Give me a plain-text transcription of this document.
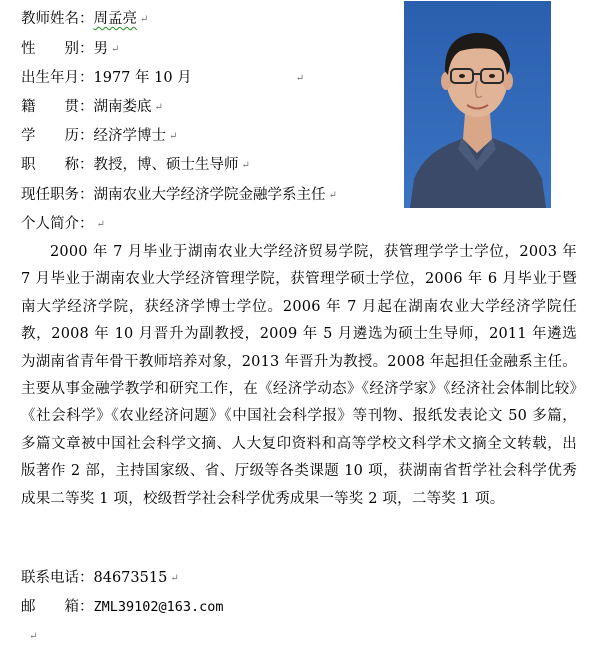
教师姓名：周孟亮 ↵
性　　别：男 ↵
出生年月：1977 年 10 月	↵
籍　　贯：湖南娄底 ↵
学　　历：经济学博士 ↵
职　　称：教授，博、硕士生导师 ↵
现任职务：湖南农业大学经济学院金融学系主任 ↵
个人简介： ↵

2000 年 7 月毕业于湖南农业大学经济贸易学院，获管理学学士学位，2003 年 7 月毕业于湖南农业大学经济管理学院，获管理学硕士学位，2006 年 6 月毕业于暨南大学经济学院，获经济学博士学位。2006 年 7 月起在湖南农业大学经济学院任教，2008 年 10 月晋升为副教授，2009 年 5 月遴选为硕士生导师，2011 年遴选为湖南省青年骨干教师培养对象，2013 年晋升为教授。2008 年起担任金融系主任。主要从事金融学教学和研究工作，在《经济学动态》《经济学家》《经济社会体制比较》《社会科学》《农业经济问题》《中国社会科学报》等刊物、报纸发表论文 50 多篇，多篇文章被中国社会科学文摘、人大复印资料和高等学校文科学术文摘全文转载，出版著作 2 部，主持国家级、省、厅级等各类课题 10 项，获湖南省哲学社会科学优秀成果二等奖 1 项，校级哲学社会科学优秀成果一等奖 2 项，二等奖 1 项。

联系电话：84673515 ↵
邮　　箱：ZML39102@163.com
↵
